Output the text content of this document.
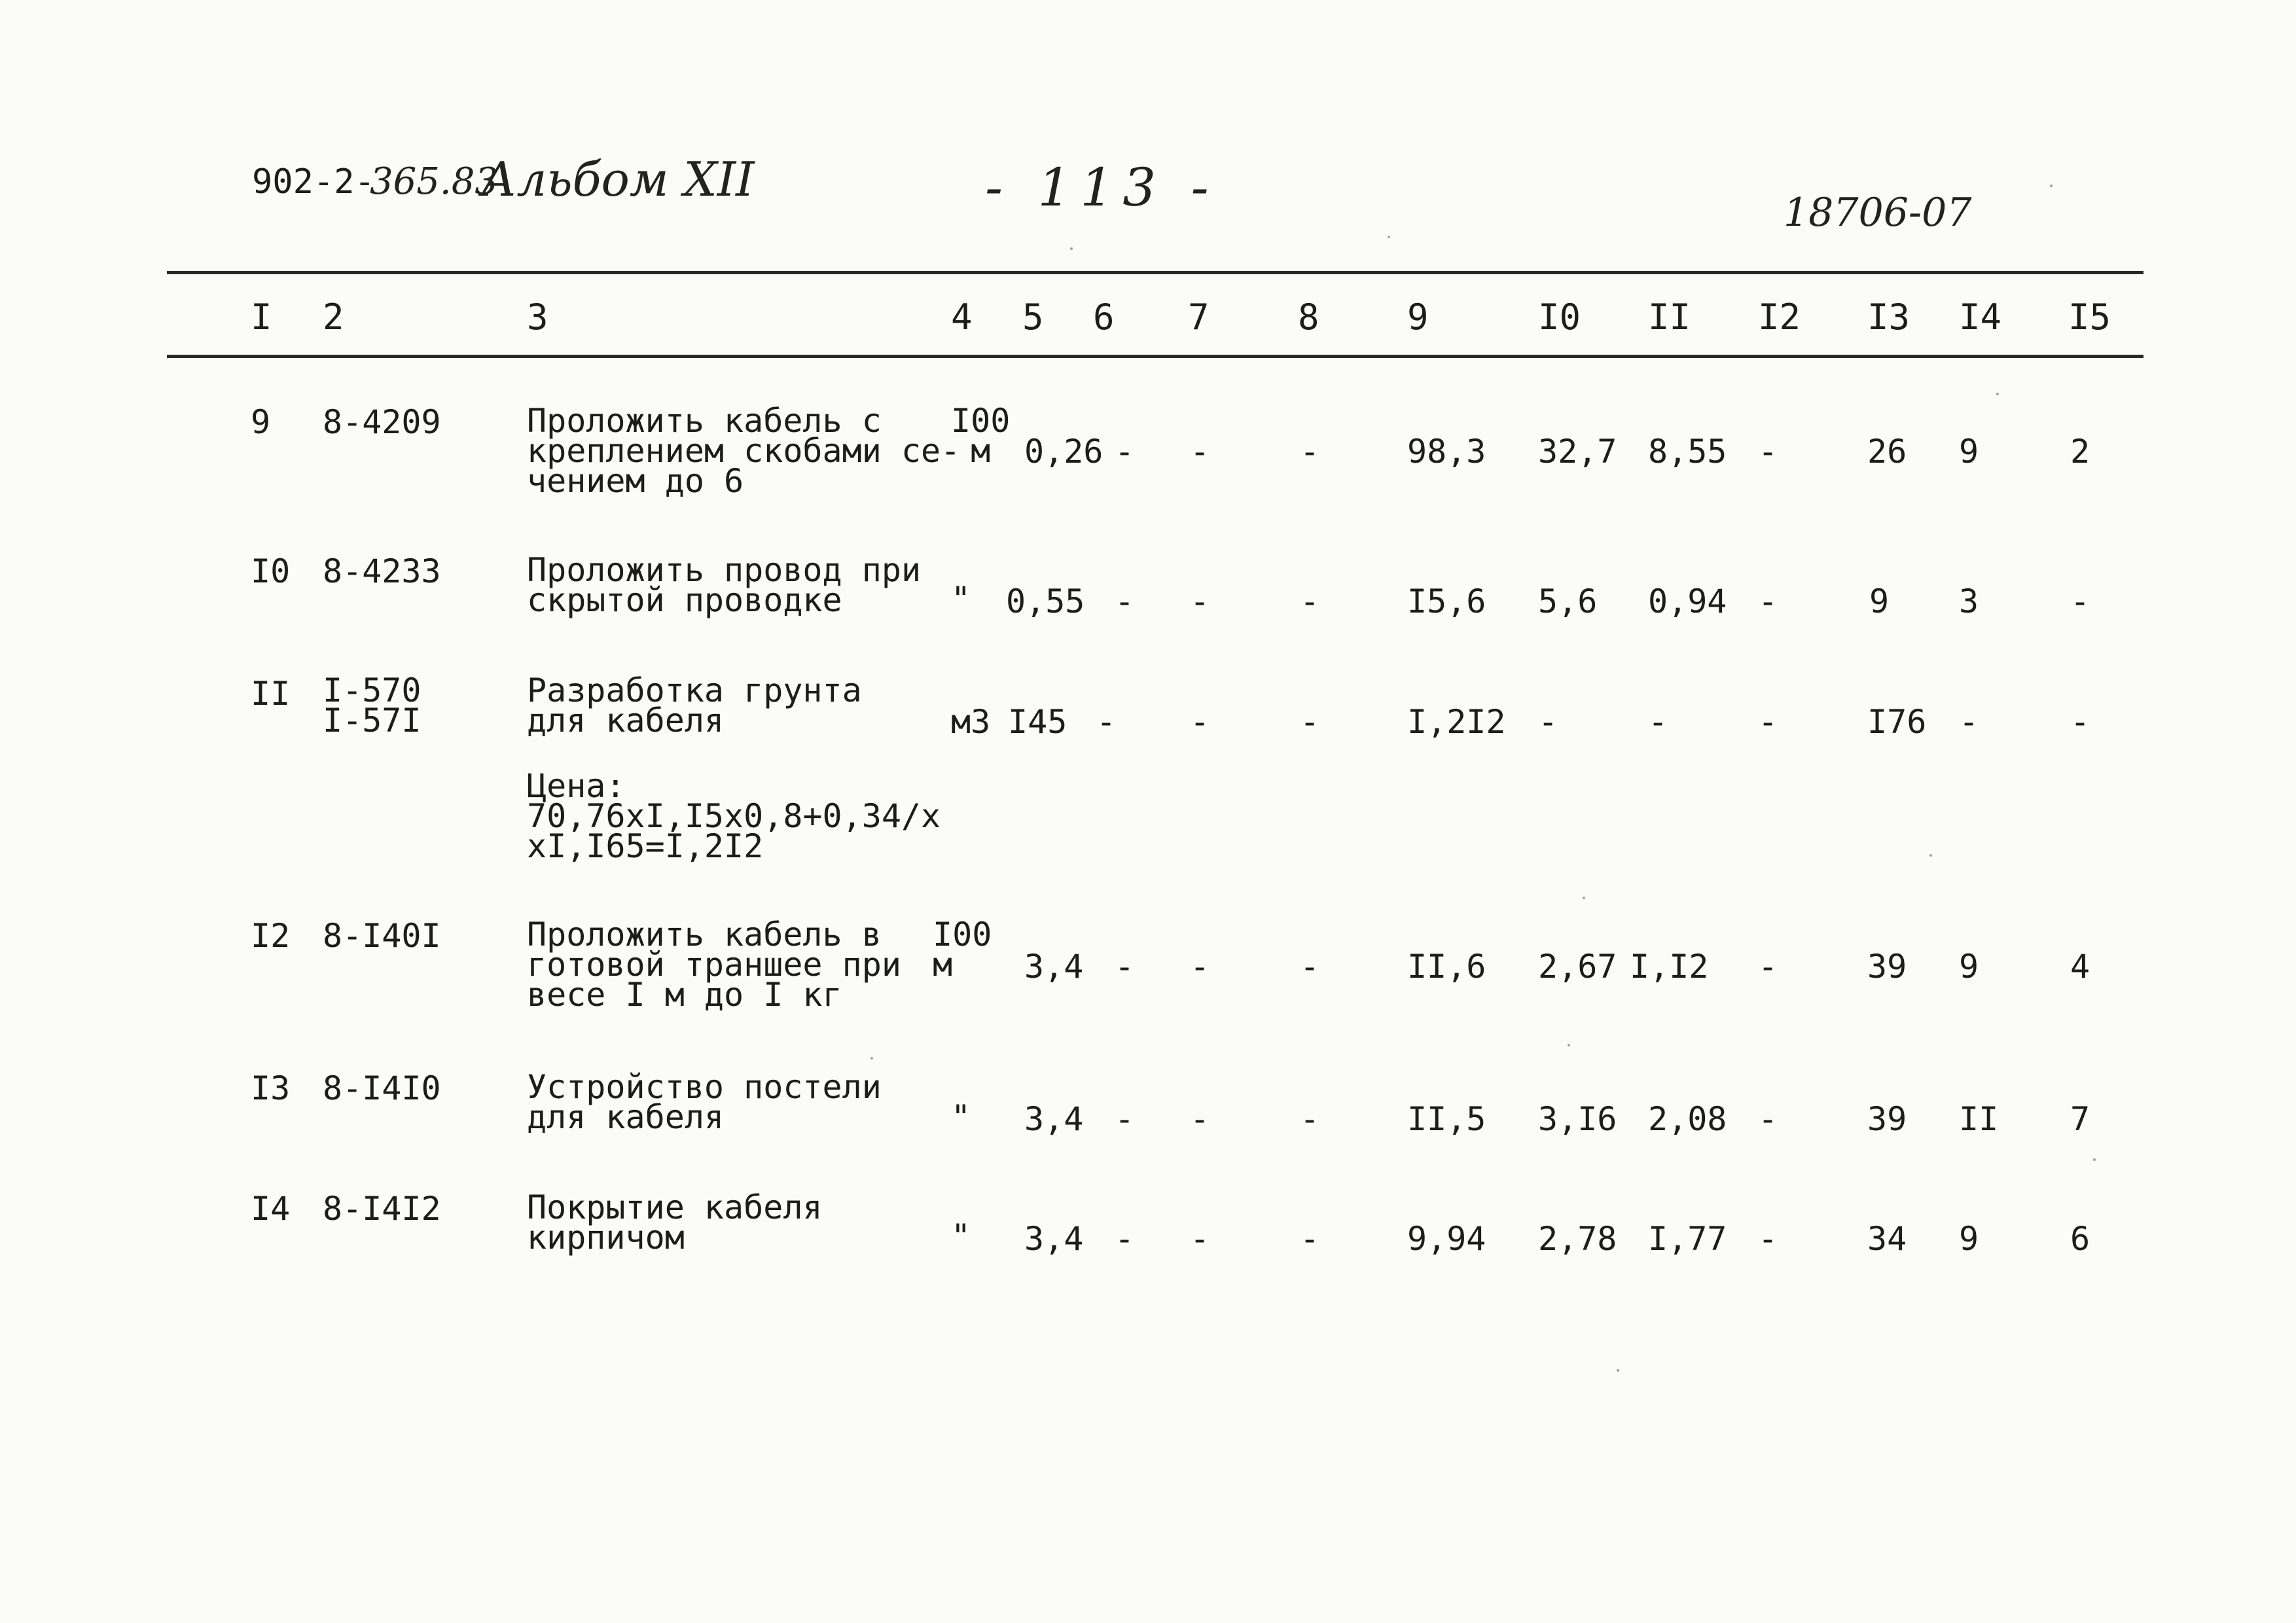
902-2-
365.83
Альбом XII	- 113 -	18706-07
I 2	3	4 5 6 7	8 9	I0 II I2 I3 I4 I5
9 8-4209	Проложить кабель с
креплением скобами се-
чением до 6
I00
м	0,26 - -	-	98,3 32,7 8,55 -	26 9	2
I0 8-4233	Проложить провод при
скрытой проводке	" 0,55 - -	-	I5,6 5,6 0,94 -	9 3	-
II I-570
I-57I
Разработка грунта
для кабеля	м3 I45 - -	-	I,2I2 -	-	-	I76 -	-
Цена:
70,76хI,I5х0,8+0,34/х
хI,I65=I,2I2
I2 8-I40I	Проложить кабель в
готовой траншее при
весе I м до I кг
I00
м	3,4 - -	-	II,6 2,67 I,I2 -	39 9	4
I3 8-I4I0	Устройство постели
для кабеля	" 3,4 - -	-	II,5 3,I6 2,08 -	39 II 7
I4 8-I4I2	Покрытие кабеля
кирпичом	" 3,4 - -	-	9,94 2,78 I,77 -	34 9	6
